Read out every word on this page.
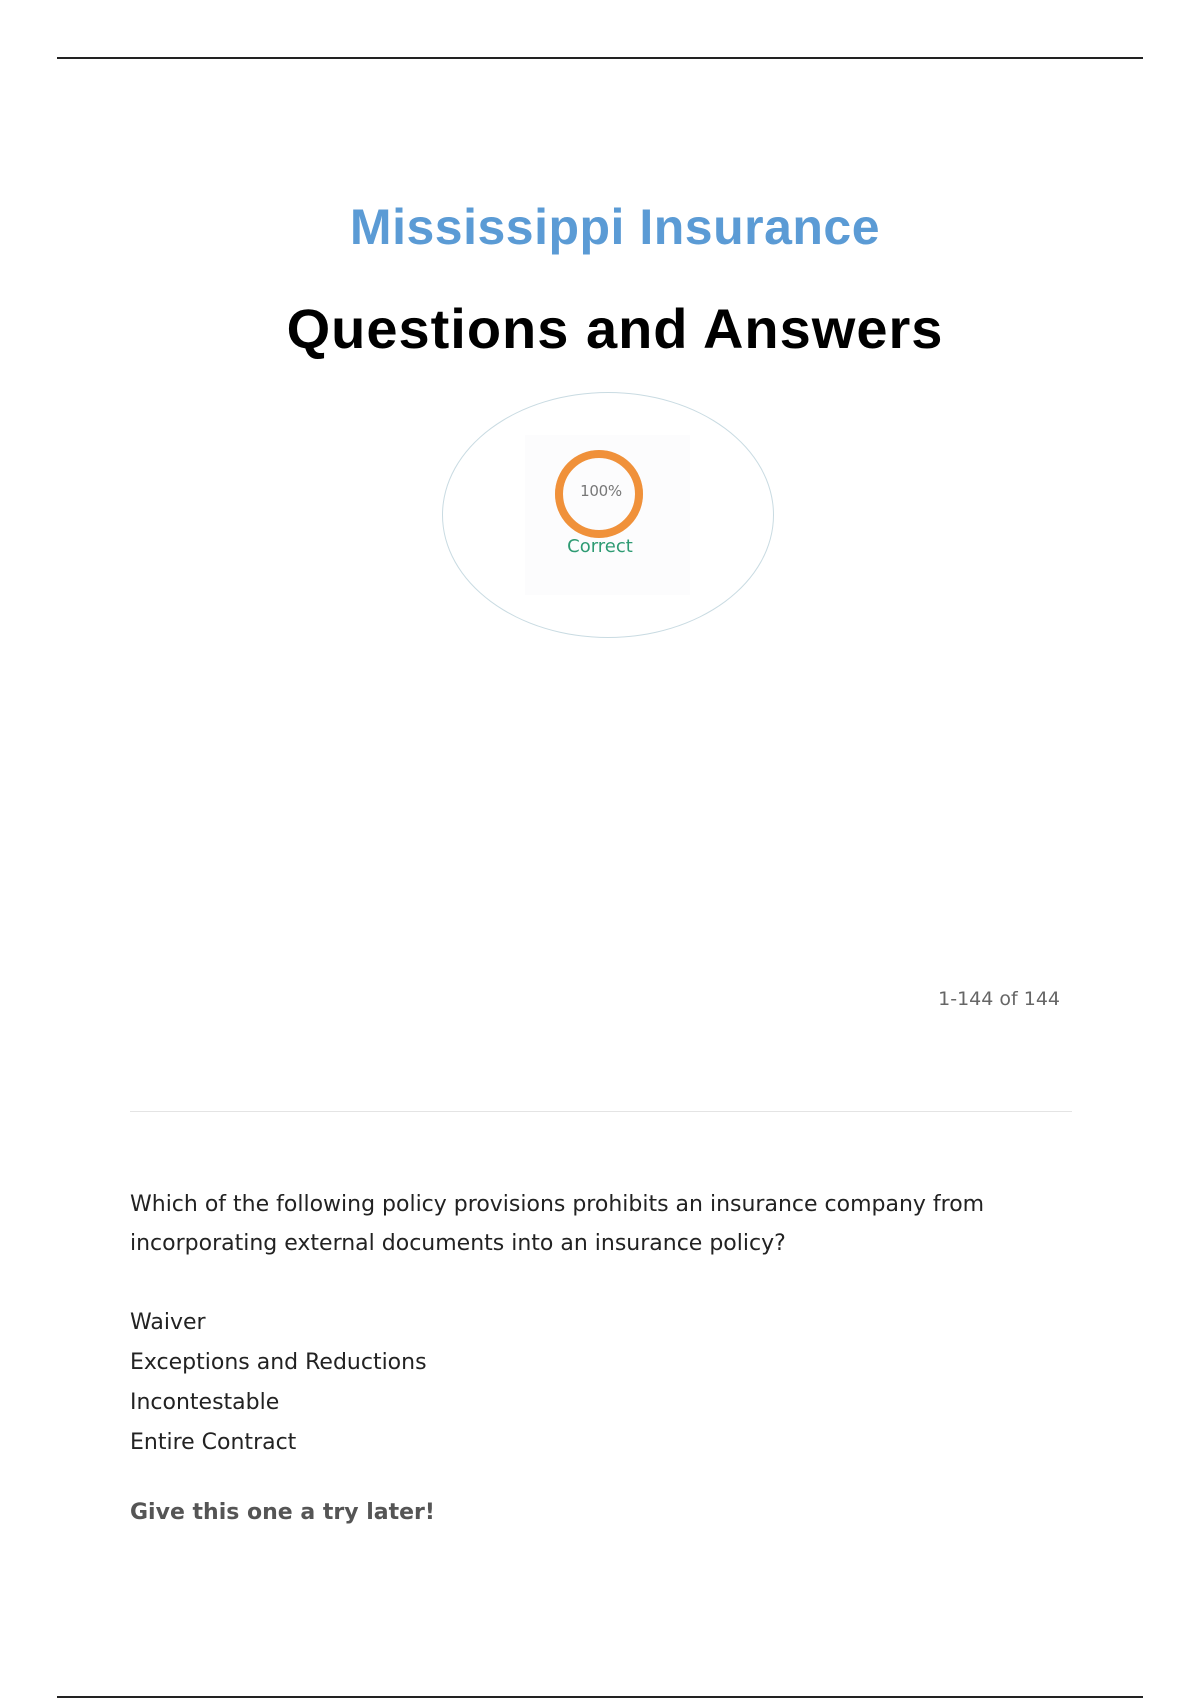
Mississippi Insurance
Questions and Answers
100%
Correct
1-144 of 144
Which of the following policy provisions prohibits an insurance company from incorporating external documents into an insurance policy?
Waiver
Exceptions and Reductions
Incontestable
Entire Contract
Give this one a try later!
